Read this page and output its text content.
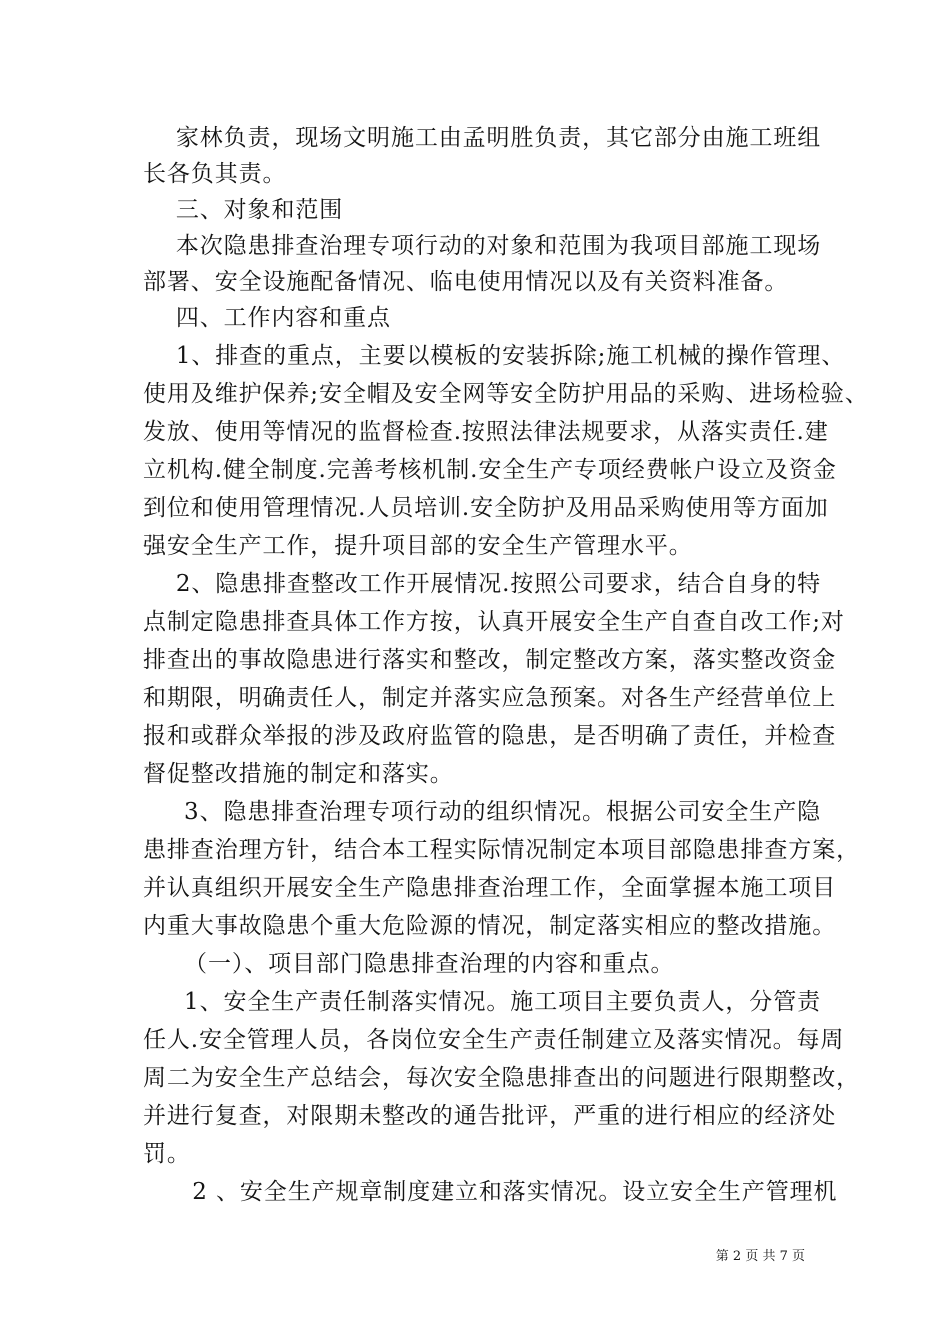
家林负责，现场文明施工由孟明胜负责，其它部分由施工班组
长各负其责。
三、对象和范围
本次隐患排查治理专项行动的对象和范围为我项目部施工现场
部署、安全设施配备情况、临电使用情况以及有关资料准备。
四、工作内容和重点
1、排查的重点，主要以模板的安装拆除;施工机械的操作管理、
使用及维护保养;安全帽及安全网等安全防护用品的采购、进场检验、
发放、使用等情况的监督检查.按照法律法规要求，从落实责任.建
立机构.健全制度.完善考核机制.安全生产专项经费帐户设立及资金
到位和使用管理情况.人员培训.安全防护及用品采购使用等方面加
强安全生产工作，提升项目部的安全生产管理水平。
2、隐患排查整改工作开展情况.按照公司要求，结合自身的特
点制定隐患排查具体工作方按，认真开展安全生产自查自改工作;对
排查出的事故隐患进行落实和整改，制定整改方案，落实整改资金
和期限，明确责任人，制定并落实应急预案。对各生产经营单位上
报和或群众举报的涉及政府监管的隐患，是否明确了责任，并检查
督促整改措施的制定和落实。
3、隐患排查治理专项行动的组织情况。根据公司安全生产隐
患排查治理方针，结合本工程实际情况制定本项目部隐患排查方案，
并认真组织开展安全生产隐患排查治理工作，全面掌握本施工项目
内重大事故隐患个重大危险源的情况，制定落实相应的整改措施。
（一）、项目部门隐患排查治理的内容和重点。
1、安全生产责任制落实情况。施工项目主要负责人，分管责
任人.安全管理人员，各岗位安全生产责任制建立及落实情况。每周
周二为安全生产总结会，每次安全隐患排查出的问题进行限期整改，
并进行复查，对限期未整改的通告批评，严重的进行相应的经济处
罚。
2 、安全生产规章制度建立和落实情况。设立安全生产管理机
第 2 页 共 7 页
